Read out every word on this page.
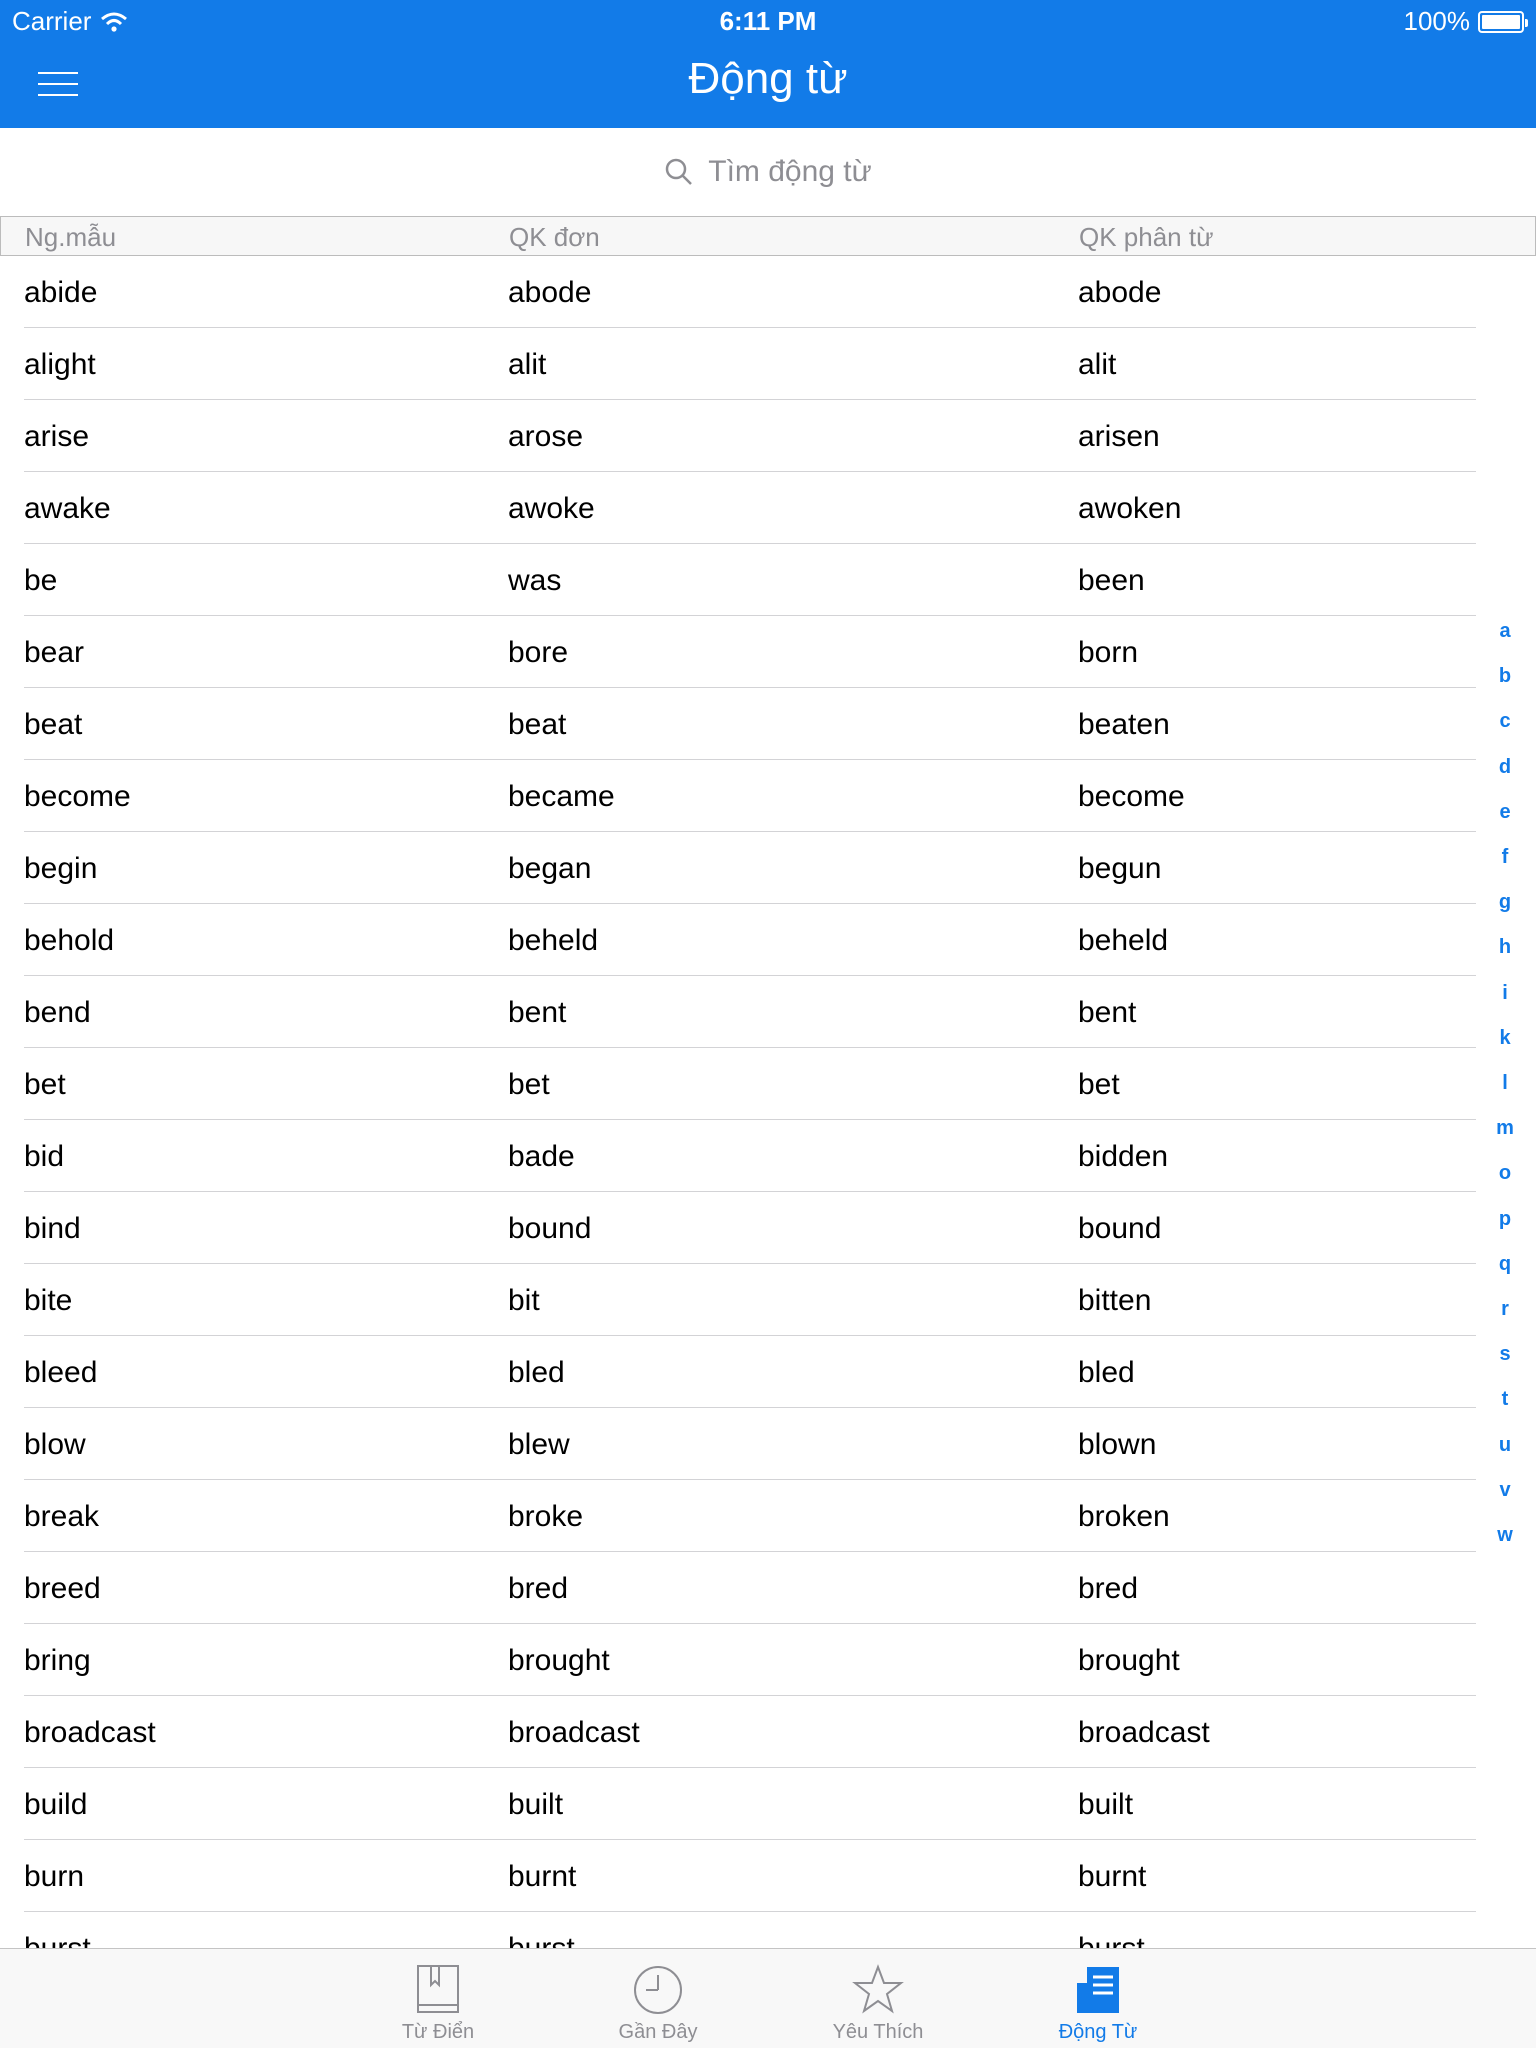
Carrier	6:11 PM	100%
Động từ
Tìm động từ
Ng.mẫu	QK đơn	QK phân từ
abide	abode	abode
alight	alit	alit
arise	arose	arisen
awake	awoke	awoken
be	was	been
bear	bore	born
beat	beat	beaten
become	became	become
begin	began	begun
behold	beheld	beheld
bend	bent	bent
bet	bet	bet
bid	bade	bidden
bind	bound	bound
bite	bit	bitten
bleed	bled	bled
blow	blew	blown
break	broke	broken
breed	bred	bred
bring	brought	brought
broadcast	broadcast	broadcast
build	built	built
burn	burnt	burnt
a
b
c
d
e
f
g
h
i
k
l
m
o
p
q
r
s
t
u
v
w
Từ Điển	Gần Đây	Yêu Thích	Động Từ
